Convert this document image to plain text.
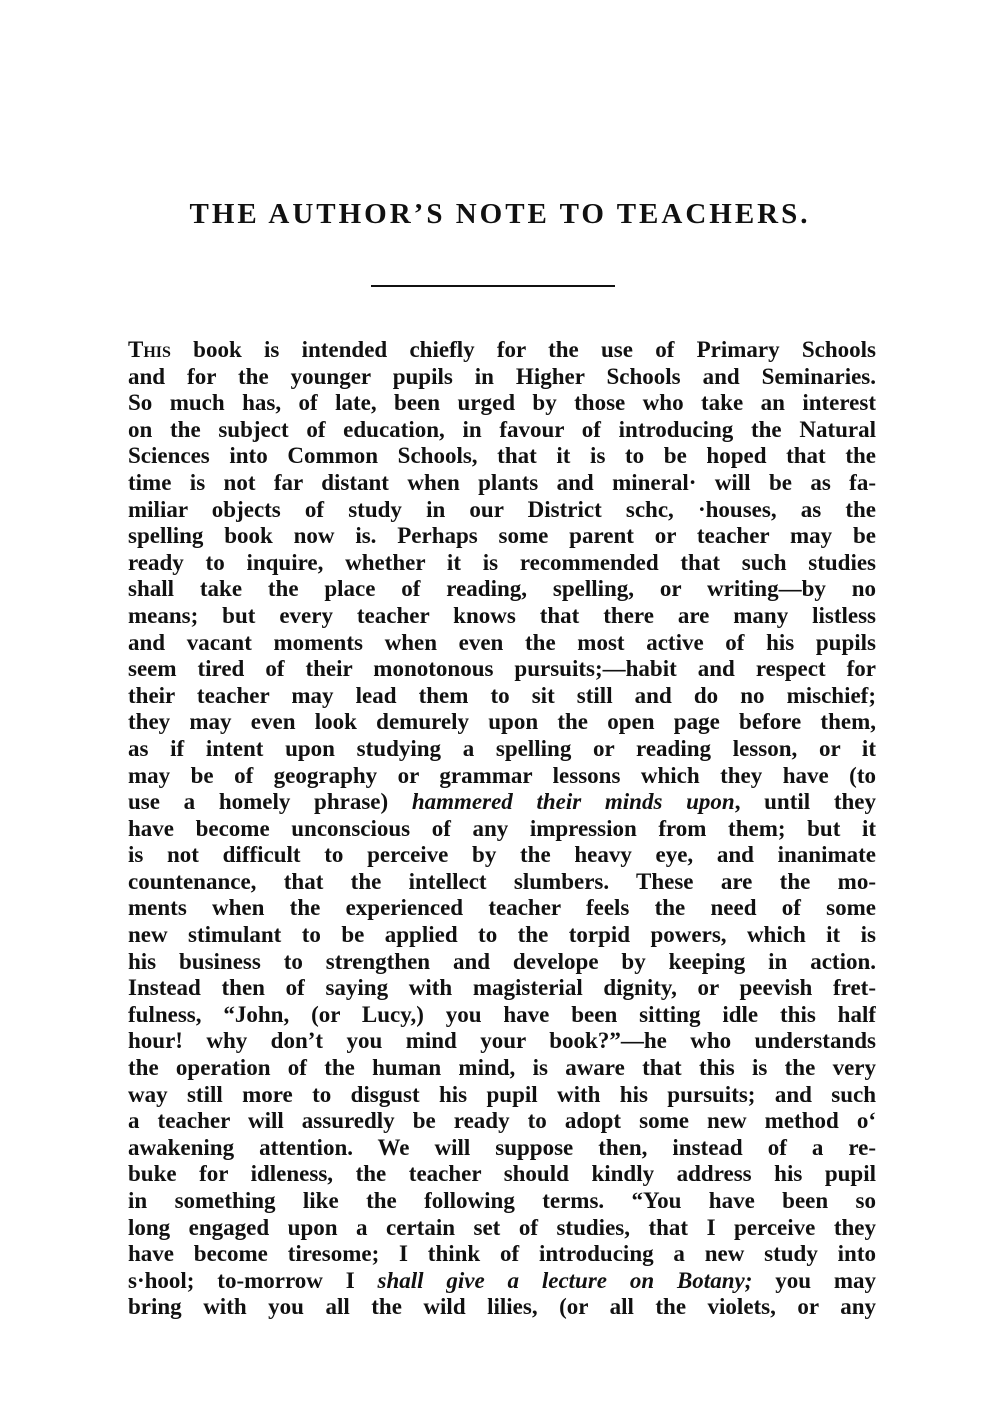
THE AUTHOR’S NOTE TO TEACHERS.
This book is intended chiefly for the use of Primary Schools
and for the younger pupils in Higher Schools and Seminaries.
So much has, of late, been urged by those who take an interest
on the subject of education, in favour of introducing the Natural
Sciences into Common Schools, that it is to be hoped that the
time is not far distant when plants and mineral· will be as fa-
miliar objects of study in our District schc, ·houses, as the
spelling book now is. Perhaps some parent or teacher may be
ready to inquire, whether it is recommended that such studies
shall take the place of reading, spelling, or writing—by no
means; but every teacher knows that there are many listless
and vacant moments when even the most active of his pupils
seem tired of their monotonous pursuits;—habit and respect for
their teacher may lead them to sit still and do no mischief;
they may even look demurely upon the open page before them,
as if intent upon studying a spelling or reading lesson, or it
may be of geography or grammar lessons which they have (to
use a homely phrase) hammered their minds upon, until they
have become unconscious of any impression from them; but it
is not difficult to perceive by the heavy eye, and inanimate
countenance, that the intellect slumbers. These are the mo-
ments when the experienced teacher feels the need of some
new stimulant to be applied to the torpid powers, which it is
his business to strengthen and develope by keeping in action.
Instead then of saying with magisterial dignity, or peevish fret-
fulness, “John, (or Lucy,) you have been sitting idle this half
hour! why don’t you mind your book?”—he who understands
the operation of the human mind, is aware that this is the very
way still more to disgust his pupil with his pursuits; and such
a teacher will assuredly be ready to adopt some new method o‘
awakening attention. We will suppose then, instead of a re-
buke for idleness, the teacher should kindly address his pupil
in something like the following terms. “You have been so
long engaged upon a certain set of studies, that I perceive they
have become tiresome; I think of introducing a new study into
s·hool; to-morrow I shall give a lecture on Botany; you may
bring with you all the wild lilies, (or all the violets, or any
